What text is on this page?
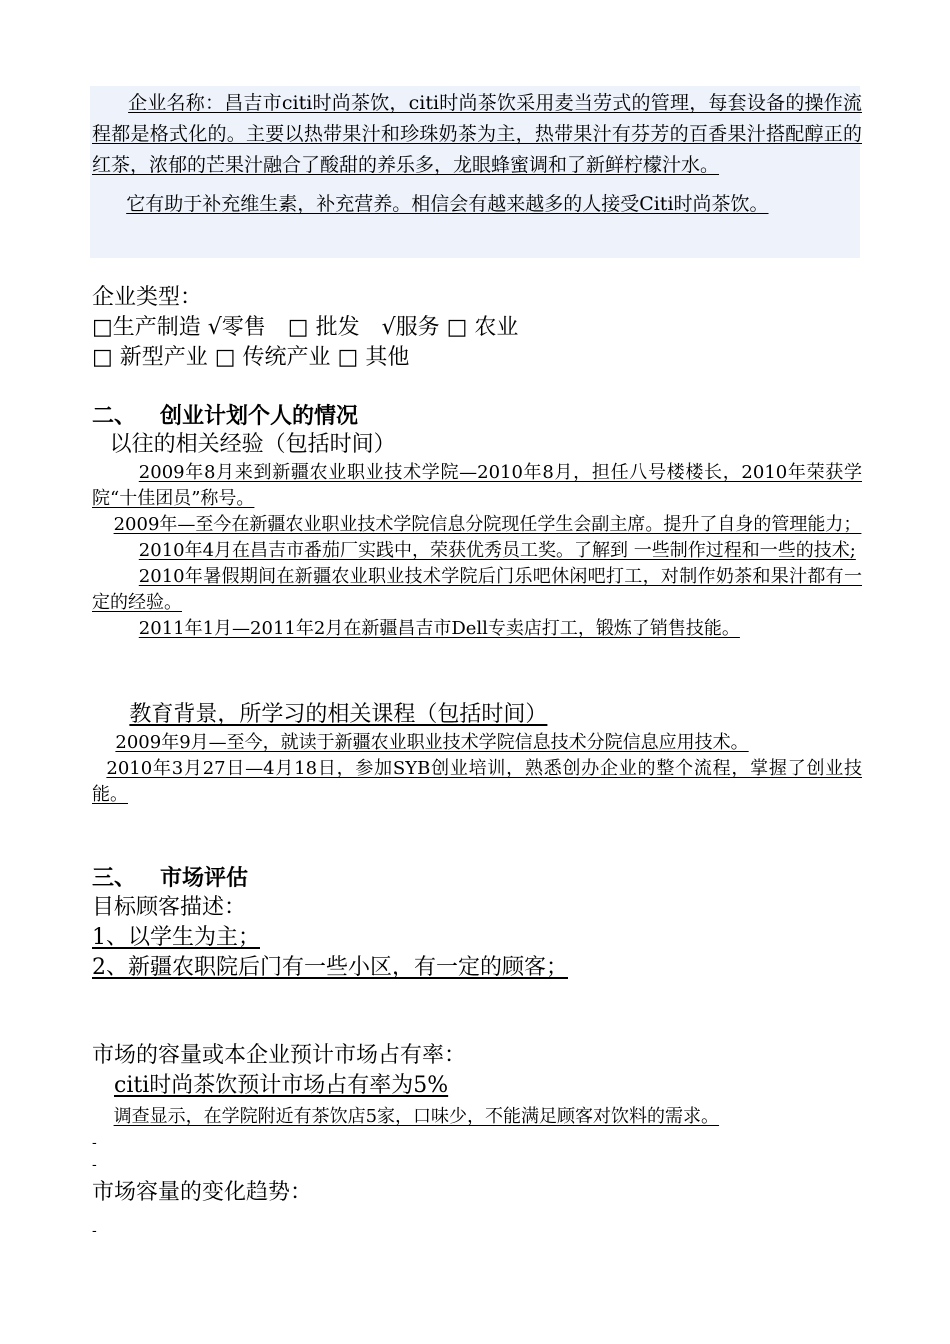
企业名称：昌吉市citi时尚茶饮，citi时尚茶饮采用麦当劳式的管理，每套设备的操作流程都是格式化的。主要以热带果汁和珍珠奶茶为主，热带果汁有芬芳的百香果汁搭配醇正的红茶，浓郁的芒果汁融合了酸甜的养乐多，龙眼蜂蜜调和了新鲜柠檬汁水。

它有助于补充维生素，补充营养。相信会有越来越多的人接受Citi时尚茶饮。

企业类型：

□生产制造 √零售　□ 批发　√服务 □ 农业

□ 新型产业 □ 传统产业 □ 其他

二、 创业计划个人的情况

以往的相关经验（包括时间）

2009年8月来到新疆农业职业技术学院—2010年8月，担任八号楼楼长，2010年荣获学院“十佳团员”称号。

2009年—至今在新疆农业职业技术学院信息分院现任学生会副主席。提升了自身的管理能力；

2010年4月在昌吉市番茄厂实践中，荣获优秀员工奖。了解到 一些制作过程和一些的技术;

2010年暑假期间在新疆农业职业技术学院后门乐吧休闲吧打工，对制作奶茶和果汁都有一定的经验。

2011年1月—2011年2月在新疆昌吉市Dell专卖店打工，锻炼了销售技能。

教育背景，所学习的相关课程（包括时间）

2009年9月—至今，就读于新疆农业职业技术学院信息技术分院信息应用技术。

2010年3月27日—4月18日，参加SYB创业培训，熟悉创办企业的整个流程，掌握了创业技能。

三、 市场评估

目标顾客描述：

1、以学生为主；

2、新疆农职院后门有一些小区，有一定的顾客；

市场的容量或本企业预计市场占有率：

citi时尚茶饮预计市场占有率为5%

调查显示，在学院附近有茶饮店5家，口味少，不能满足顾客对饮料的需求。

-

-

市场容量的变化趋势：

-
